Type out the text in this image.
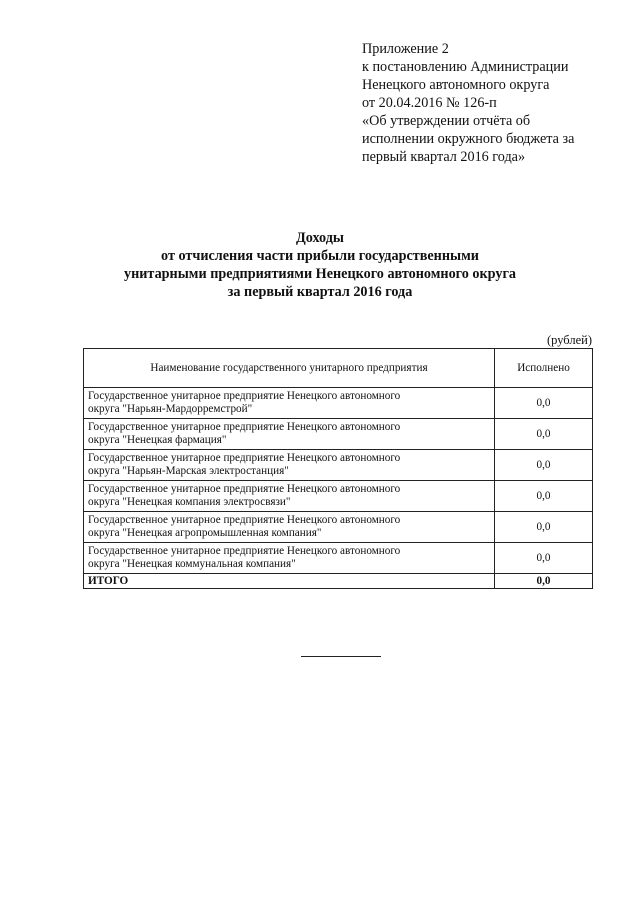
Приложение 2
к постановлению Администрации
Ненецкого автономного округа
от 20.04.2016 № 126-п
«Об утверждении отчёта об
исполнении окружного бюджета за
первый квартал 2016 года»
Доходы
от отчисления части прибыли государственными
унитарными предприятиями Ненецкого автономного округа
за первый квартал 2016 года
(рублей)
Наименование государственного унитарного предприятия	Исполнено

Государственное унитарное предприятие Ненецкого автономного
округа "Нарьян-Мардорремстрой"	0,0

Государственное унитарное предприятие Ненецкого автономного
округа "Ненецкая фармация"	0,0

Государственное унитарное предприятие Ненецкого автономного
округа "Нарьян-Марская электростанция"	0,0

Государственное унитарное предприятие Ненецкого автономного
округа "Ненецкая компания электросвязи"	0,0

Государственное унитарное предприятие Ненецкого автономного
округа "Ненецкая агропромышленная компания"	0,0

Государственное унитарное предприятие Ненецкого автономного
округа "Ненецкая коммунальная компания"	0,0
ИТОГО	0,0
